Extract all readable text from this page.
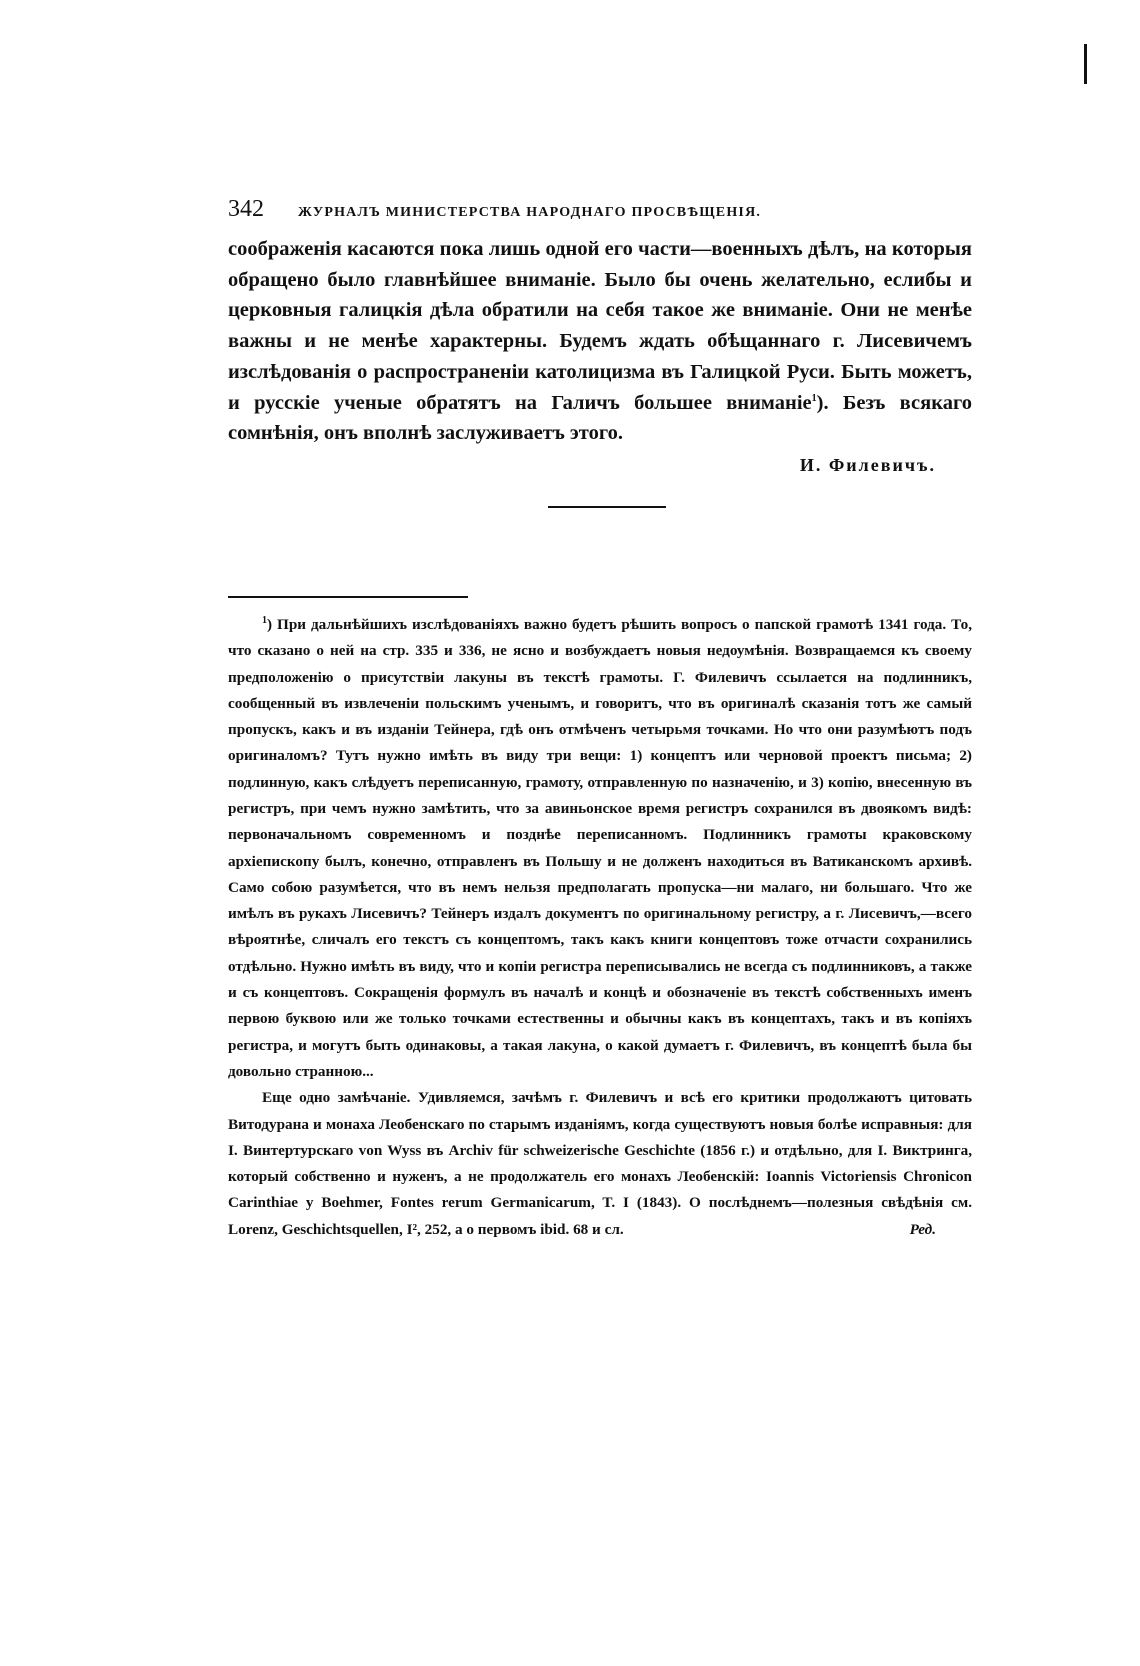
342 ЖУРНАЛЪ МИНИСТЕРСТВА НАРОДНАГО ПРОСВѢЩЕНІЯ.
соображенія касаются пока лишь одной его части—военныхъ дѣлъ, на которыя обращено было главнѣйшее вниманіе. Было бы очень желательно, еслибы и церковныя галицкія дѣла обратили на себя такое же вниманіе. Они не менѣе важны и не менѣе характерны. Будемъ ждать обѣщаннаго г. Лисевичемъ изслѣдованія о распространеніи католицизма въ Галицкой Руси. Быть можетъ, и русскіе ученые обратятъ на Галичъ большее вниманіе$^1$). Безъ всякаго сомнѣнія, онъ вполнѣ заслуживаетъ этого.
И. Филевичъ.
$^1$) При дальнѣйшихъ изслѣдованіяхъ важно будетъ рѣшить вопросъ о папской грамотѣ 1341 года. То, что сказано о ней на стр. 335 и 336, не ясно и возбуждаетъ новыя недоумѣнія. Возвращаемся къ своему предположенію о присутствіи лакуны въ текстѣ грамоты. Г. Филевичъ ссылается на подлинникъ, сообщенный въ извлеченіи польскимъ ученымъ, и говоритъ, что въ оригиналѣ сказанія тотъ же самый пропускъ, какъ и въ изданіи Тейнера, гдѣ онъ отмѣченъ четырьмя точками. Но что они разумѣютъ подъ оригиналомъ? Тутъ нужно имѣть въ виду три вещи: 1) концептъ или черновой проектъ письма; 2) подлинную, какъ слѣдуетъ переписанную, грамоту, отправленную по назначенію, и 3) копію, внесенную въ регистръ, при чемъ нужно замѣтить, что за авиньонское время регистръ сохранился въ двоякомъ видѣ: первоначальномъ современномъ и позднѣе переписанномъ. Подлинникъ грамоты краковскому архіепископу былъ, конечно, отправленъ въ Польшу и не долженъ находиться въ Ватиканскомъ архивѣ. Само собою разумѣется, что въ немъ нельзя предполагать пропуска—ни малаго, ни большаго. Что же имѣлъ въ рукахъ Лисевичъ? Тейнеръ издалъ документъ по оригинальному регистру, а г. Лисевичъ,—всего вѣроятнѣе, сличалъ его текстъ съ концептомъ, такъ какъ книги концептовъ тоже отчасти сохранились отдѣльно. Нужно имѣть въ виду, что и копіи регистра переписывались не всегда съ подлинниковъ, а также и съ концептовъ. Сокращенія формулъ въ началѣ и концѣ и обозначеніе въ текстѣ собственныхъ именъ первою буквою или же только точками естественны и обычны какъ въ концептахъ, такъ и въ копіяхъ регистра, и могутъ быть одинаковы, а такая лакуна, о какой думаетъ г. Филевичъ, въ концептѣ была бы довольно странною...
Еще одно замѣчаніе. Удивляемся, зачѣмъ г. Филевичъ и всѣ его критики продолжаютъ цитовать Витодурана и монаха Леобенскаго по старымъ изданіямъ, когда существуютъ новыя болѣе исправныя: для I. Винтертурскаго von Wyss въ Archiv für schweizerische Geschichte (1856 г.) и отдѣльно, для I. Виктринга, который собственно и нуженъ, а не продолжатель его монахъ Леобенскій: Ioannis Victoriensis Chronicon Carinthiae y Boehmer, Fontes rerum Germanicarum, T. I (1843). О послѣднемъ—полезныя свѣдѣнія см. Lorenz, Geschichtsquellen, I², 252, а о первомъ ibid. 68 и сл.	Ред.
